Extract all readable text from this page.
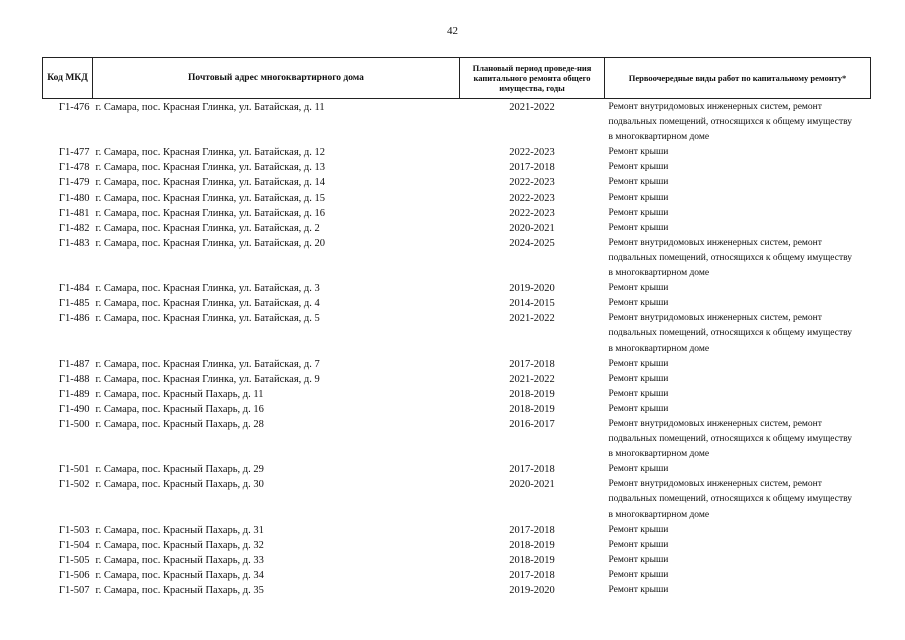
42
Код МКД	Почтовый адрес многоквартирного дома	Плановый период проведе-ния капитального ремонта общего имущества, годы	Первоочередные виды работ по капитальному ремонту*
Г1-476	г. Самара, пос. Красная Глинка, ул. Батайская, д. 11	2021-2022	Ремонт внутридомовых инженерных систем, ремонт подвальных помещений, относящихся к общему имуществу в многоквартирном доме
Г1-477	г. Самара, пос. Красная Глинка, ул. Батайская, д. 12	2022-2023	Ремонт крыши
Г1-478	г. Самара, пос. Красная Глинка, ул. Батайская, д. 13	2017-2018	Ремонт крыши
Г1-479	г. Самара, пос. Красная Глинка, ул. Батайская, д. 14	2022-2023	Ремонт крыши
Г1-480	г. Самара, пос. Красная Глинка, ул. Батайская, д. 15	2022-2023	Ремонт крыши
Г1-481	г. Самара, пос. Красная Глинка, ул. Батайская, д. 16	2022-2023	Ремонт крыши
Г1-482	г. Самара, пос. Красная Глинка, ул. Батайская, д. 2	2020-2021	Ремонт крыши
Г1-483	г. Самара, пос. Красная Глинка, ул. Батайская, д. 20	2024-2025	Ремонт внутридомовых инженерных систем, ремонт подвальных помещений, относящихся к общему имуществу в многоквартирном доме
Г1-484	г. Самара, пос. Красная Глинка, ул. Батайская, д. 3	2019-2020	Ремонт крыши
Г1-485	г. Самара, пос. Красная Глинка, ул. Батайская, д. 4	2014-2015	Ремонт крыши
Г1-486	г. Самара, пос. Красная Глинка, ул. Батайская, д. 5	2021-2022	Ремонт внутридомовых инженерных систем, ремонт подвальных помещений, относящихся к общему имуществу в многоквартирном доме
Г1-487	г. Самара, пос. Красная Глинка, ул. Батайская, д. 7	2017-2018	Ремонт крыши
Г1-488	г. Самара, пос. Красная Глинка, ул. Батайская, д. 9	2021-2022	Ремонт крыши
Г1-489	г. Самара, пос. Красный Пахарь, д. 11	2018-2019	Ремонт крыши
Г1-490	г. Самара, пос. Красный Пахарь, д. 16	2018-2019	Ремонт крыши
Г1-500	г. Самара, пос. Красный Пахарь, д. 28	2016-2017	Ремонт внутридомовых инженерных систем, ремонт подвальных помещений, относящихся к общему имуществу в многоквартирном доме
Г1-501	г. Самара, пос. Красный Пахарь, д. 29	2017-2018	Ремонт крыши
Г1-502	г. Самара, пос. Красный Пахарь, д. 30	2020-2021	Ремонт внутридомовых инженерных систем, ремонт подвальных помещений, относящихся к общему имуществу в многоквартирном доме
Г1-503	г. Самара, пос. Красный Пахарь, д. 31	2017-2018	Ремонт крыши
Г1-504	г. Самара, пос. Красный Пахарь, д. 32	2018-2019	Ремонт крыши
Г1-505	г. Самара, пос. Красный Пахарь, д. 33	2018-2019	Ремонт крыши
Г1-506	г. Самара, пос. Красный Пахарь, д. 34	2017-2018	Ремонт крыши
Г1-507	г. Самара, пос. Красный Пахарь, д. 35	2019-2020	Ремонт крыши
